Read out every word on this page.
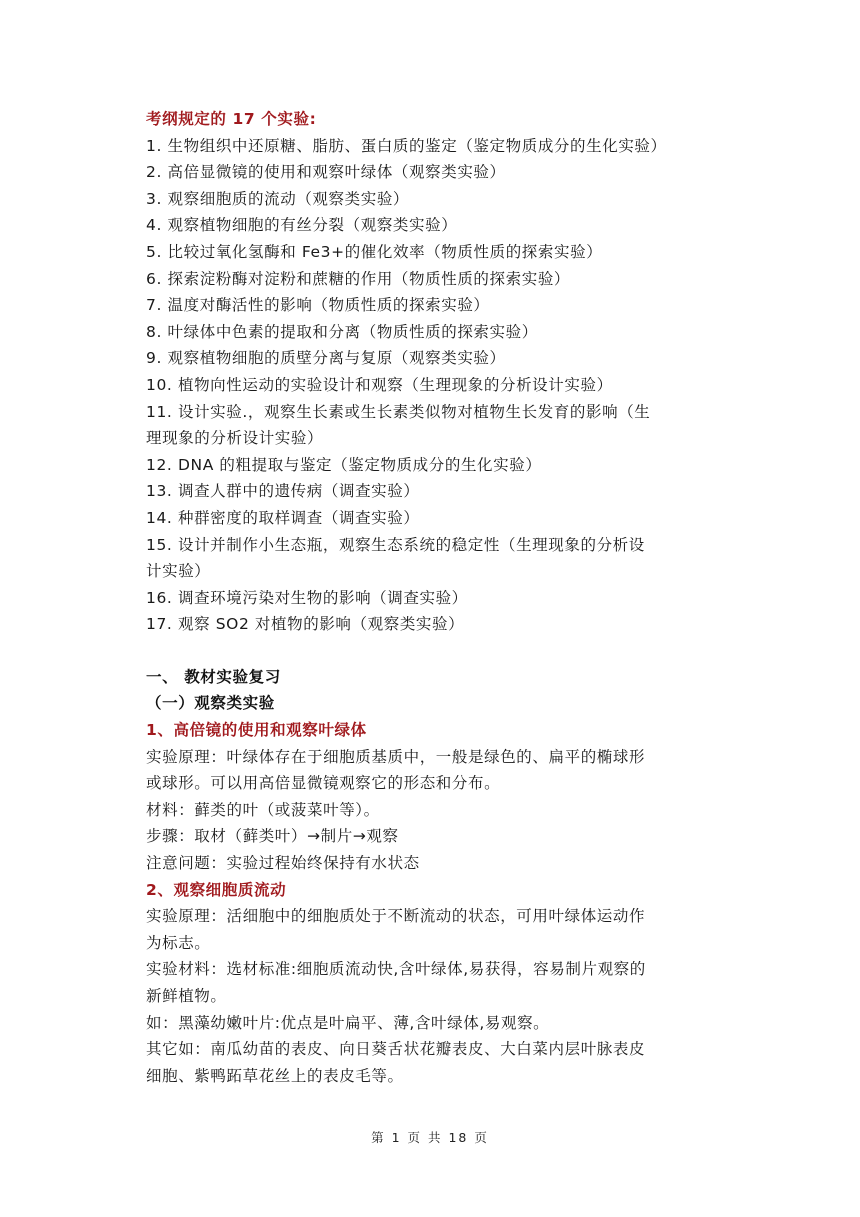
考纲规定的 17 个实验:
1. 生物组织中还原糖、脂肪、蛋白质的鉴定（鉴定物质成分的生化实验）
2. 高倍显微镜的使用和观察叶绿体（观察类实验）
3. 观察细胞质的流动（观察类实验）
4. 观察植物细胞的有丝分裂（观察类实验）
5. 比较过氧化氢酶和 Fe3+的催化效率（物质性质的探索实验）
6. 探索淀粉酶对淀粉和蔗糖的作用（物质性质的探索实验）
7. 温度对酶活性的影响（物质性质的探索实验）
8. 叶绿体中色素的提取和分离（物质性质的探索实验）
9. 观察植物细胞的质壁分离与复原（观察类实验）
10. 植物向性运动的实验设计和观察（生理现象的分析设计实验）
11. 设计实验.，观察生长素或生长素类似物对植物生长发育的影响（生
理现象的分析设计实验）
12. DNA 的粗提取与鉴定（鉴定物质成分的生化实验）
13. 调查人群中的遗传病（调查实验）
14. 种群密度的取样调查（调查实验）
15. 设计并制作小生态瓶，观察生态系统的稳定性（生理现象的分析设
计实验）
16. 调查环境污染对生物的影响（调查实验）
17. 观察 SO2 对植物的影响（观察类实验）
一、 教材实验复习
（一）观察类实验
1、高倍镜的使用和观察叶绿体
实验原理：叶绿体存在于细胞质基质中，一般是绿色的、扁平的椭球形
或球形。可以用高倍显微镜观察它的形态和分布。
材料：藓类的叶（或菠菜叶等）。
步骤：取材（藓类叶）→制片→观察
注意问题：实验过程始终保持有水状态
2、观察细胞质流动
实验原理：活细胞中的细胞质处于不断流动的状态，可用叶绿体运动作
为标志。
实验材料：选材标准:细胞质流动快,含叶绿体,易获得，容易制片观察的
新鲜植物。
如：黑藻幼嫩叶片:优点是叶扁平、薄,含叶绿体,易观察。
其它如：南瓜幼苗的表皮、向日葵舌状花瓣表皮、大白菜内层叶脉表皮
细胞、紫鸭跖草花丝上的表皮毛等。
第 1 页 共 18 页
